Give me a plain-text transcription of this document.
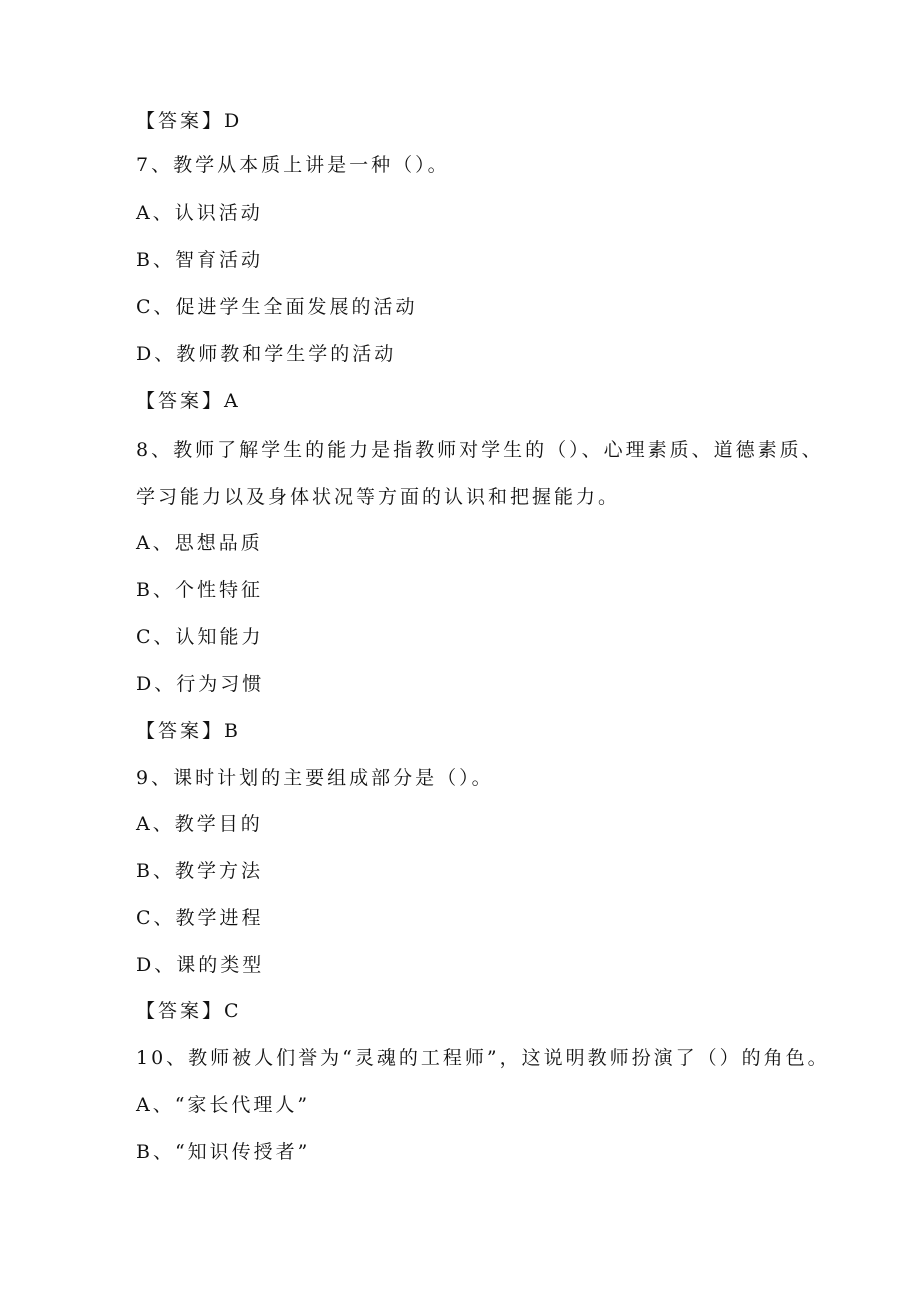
【答案】D
7、教学从本质上讲是一种（）。
A、认识活动
B、智育活动
C、促进学生全面发展的活动
D、教师教和学生学的活动
【答案】A
8、教师了解学生的能力是指教师对学生的（）、心理素质、道德素质、
学习能力以及身体状况等方面的认识和把握能力。
A、思想品质
B、个性特征
C、认知能力
D、行为习惯
【答案】B
9、课时计划的主要组成部分是（）。
A、教学目的
B、教学方法
C、教学进程
D、课的类型
【答案】C
10、教师被人们誉为“灵魂的工程师”，这说明教师扮演了（）的角色。
A、“家长代理人”
B、“知识传授者”
